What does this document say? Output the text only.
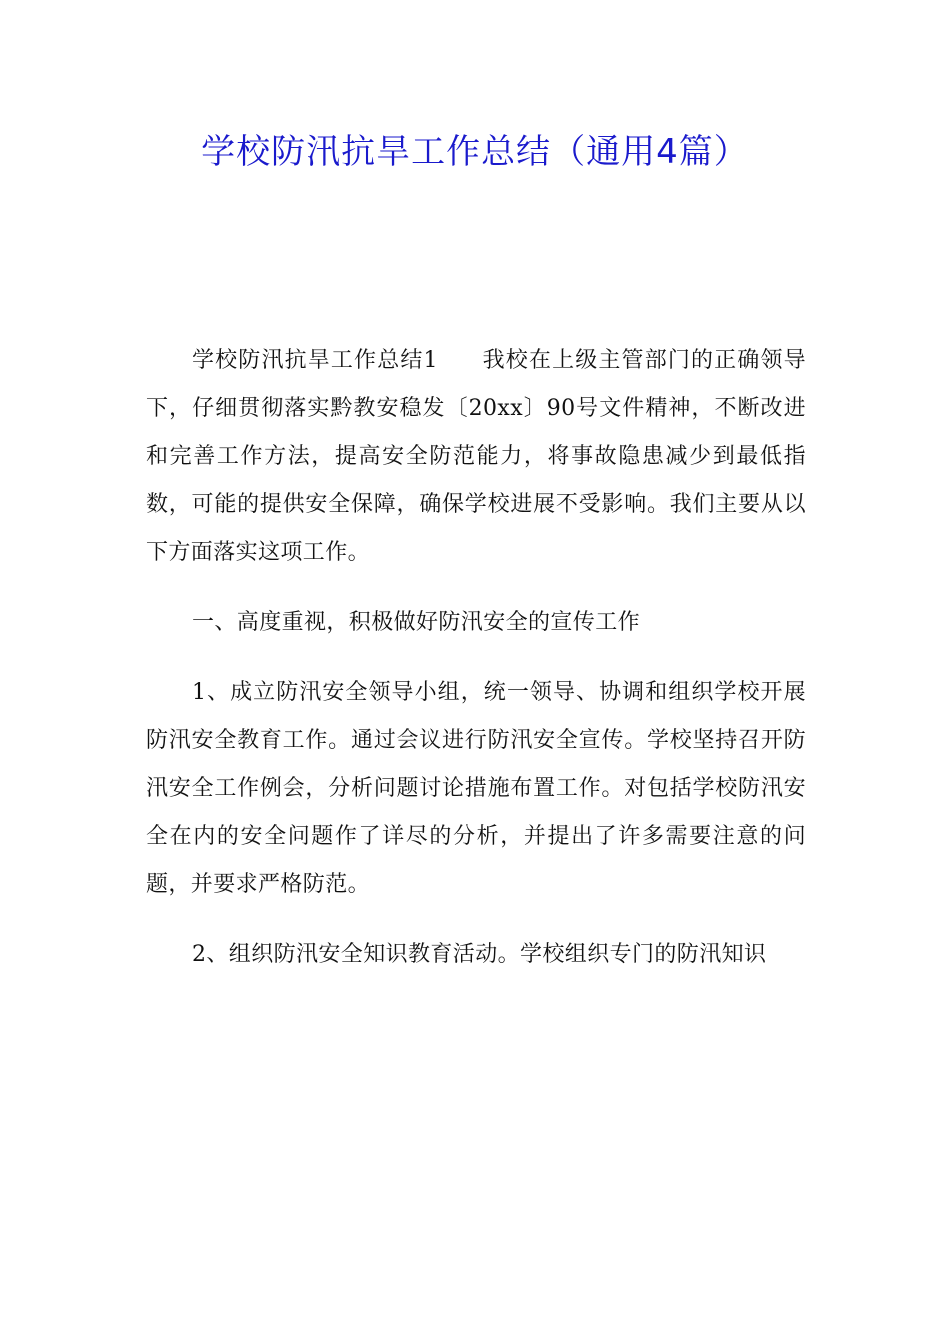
学校防汛抗旱工作总结（通用4篇）

学校防汛抗旱工作总结1 我校在上级主管部门的正确领导下，仔细贯彻落实黔教安稳发〔20xx〕90号文件精神，不断改进和完善工作方法，提高安全防范能力，将事故隐患减少到最低指数，可能的提供安全保障，确保学校进展不受影响。我们主要从以下方面落实这项工作。

一、高度重视，积极做好防汛安全的宣传工作

1、成立防汛安全领导小组，统一领导、协调和组织学校开展防汛安全教育工作。通过会议进行防汛安全宣传。学校坚持召开防汛安全工作例会，分析问题讨论措施布置工作。对包括学校防汛安全在内的安全问题作了详尽的分析，并提出了许多需要注意的问题，并要求严格防范。

2、组织防汛安全知识教育活动。学校组织专门的防汛知识
